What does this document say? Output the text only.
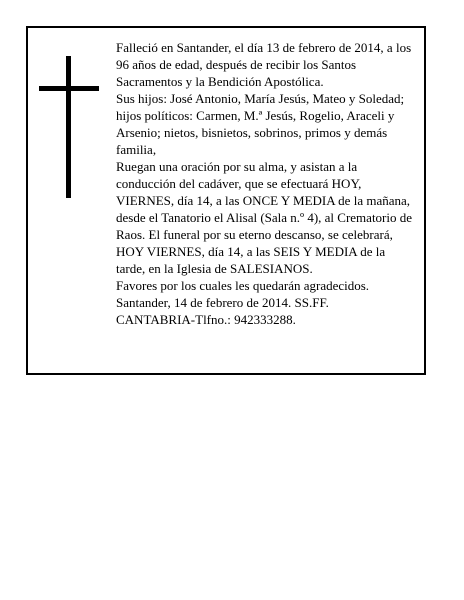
Falleció en Santander, el día 13 de febrero de 2014, a los 96 años de edad, después de recibir los Santos Sacramentos y la Bendición Apostólica.

Sus hijos: José Antonio, María Jesús, Mateo y Soledad; hijos políticos: Carmen, M.ª Jesús, Rogelio, Araceli y Arsenio; nietos, bisnietos, sobrinos, primos y demás familia,

Ruegan una oración por su alma, y asistan a la conducción del cadáver, que se efectuará HOY, VIERNES, día 14, a las ONCE Y MEDIA de la mañana, desde el Tanatorio el Alisal (Sala n.º 4), al Crematorio de Raos. El funeral por su eterno descanso, se celebrará, HOY VIERNES, día 14, a las SEIS Y MEDIA de la tarde, en la Iglesia de SALESIANOS.

Favores por los cuales les quedarán agradecidos.

Santander, 14 de febrero de 2014. SS.FF.

CANTABRIA-Tlfno.: 942333288.
